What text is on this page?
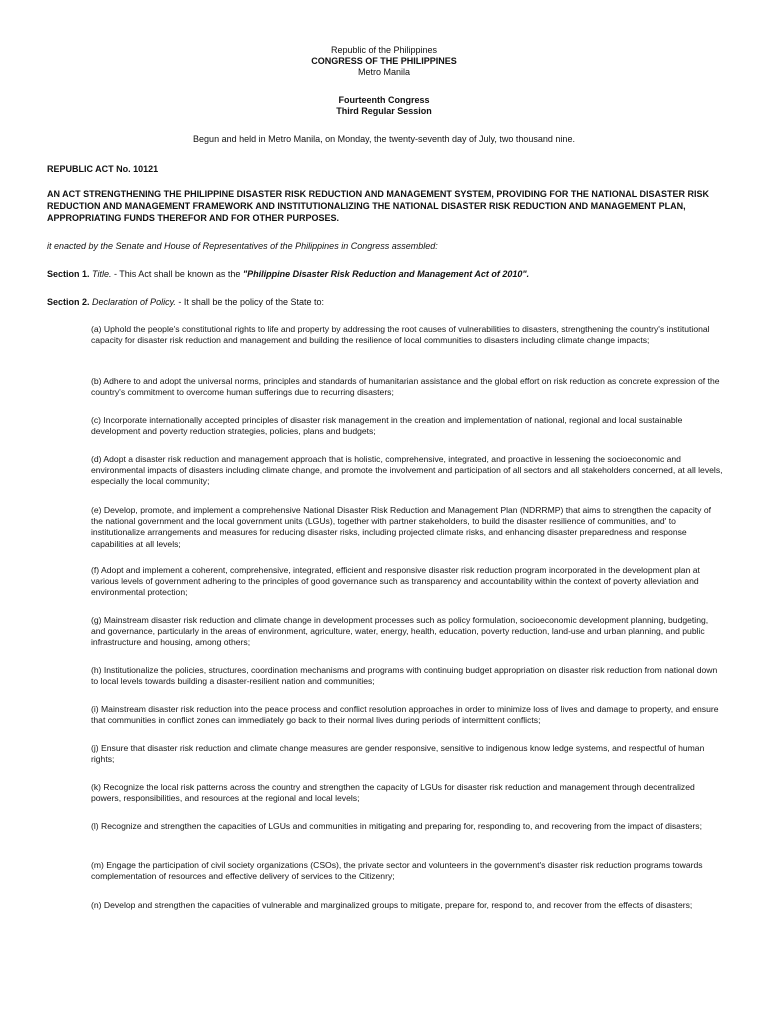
Republic of the Philippines
CONGRESS OF THE PHILIPPINES
Metro Manila
Fourteenth Congress
Third Regular Session
Begun and held in Metro Manila, on Monday, the twenty-seventh day of July, two thousand nine.
REPUBLIC ACT No. 10121
AN ACT STRENGTHENING THE PHILIPPINE DISASTER RISK REDUCTION AND MANAGEMENT SYSTEM, PROVIDING FOR THE NATIONAL DISASTER RISK REDUCTION AND MANAGEMENT FRAMEWORK AND INSTITUTIONALIZING THE NATIONAL DISASTER RISK REDUCTION AND MANAGEMENT PLAN, APPROPRIATING FUNDS THEREFOR AND FOR OTHER PURPOSES.
it enacted by the Senate and House of Representatives of the Philippines in Congress assembled:
Section 1. Title. - This Act shall be known as the "Philippine Disaster Risk Reduction and Management Act of 2010".
Section 2. Declaration of Policy. - It shall be the policy of the State to:
(a) Uphold the people's constitutional rights to life and property by addressing the root causes of vulnerabilities to disasters, strengthening the country's institutional capacity for disaster risk reduction and management and building the resilience of local communities to disasters including climate change impacts;
(b) Adhere to and adopt the universal norms, principles and standards of humanitarian assistance and the global effort on risk reduction as concrete expression of the country's commitment to overcome human sufferings due to recurring disasters;
(c) Incorporate internationally accepted principles of disaster risk management in the creation and implementation of national, regional and local sustainable development and poverty reduction strategies, policies, plans and budgets;
(d) Adopt a disaster risk reduction and management approach that is holistic, comprehensive, integrated, and proactive in lessening the socioeconomic and environmental impacts of disasters including climate change, and promote the involvement and participation of all sectors and all stakeholders concerned, at all levels, especially the local community;
(e) Develop, promote, and implement a comprehensive National Disaster Risk Reduction and Management Plan (NDRRMP) that aims to strengthen the capacity of the national government and the local government units (LGUs), together with partner stakeholders, to build the disaster resilience of communities, and' to institutionalize arrangements and measures for reducing disaster risks, including projected climate risks, and enhancing disaster preparedness and response capabilities at all levels;
(f) Adopt and implement a coherent, comprehensive, integrated, efficient and responsive disaster risk reduction program incorporated in the development plan at various levels of government adhering to the principles of good governance such as transparency and accountability within the context of poverty alleviation and environmental protection;
(g) Mainstream disaster risk reduction and climate change in development processes such as policy formulation, socioeconomic development planning, budgeting, and governance, particularly in the areas of environment, agriculture, water, energy, health, education, poverty reduction, land-use and urban planning, and public infrastructure and housing, among others;
(h) Institutionalize the policies, structures, coordination mechanisms and programs with continuing budget appropriation on disaster risk reduction from national down to local levels towards building a disaster-resilient nation and communities;
(i) Mainstream disaster risk reduction into the peace process and conflict resolution approaches in order to minimize loss of lives and damage to property, and ensure that communities in conflict zones can immediately go back to their normal lives during periods of intermittent conflicts;
(j) Ensure that disaster risk reduction and climate change measures are gender responsive, sensitive to indigenous know ledge systems, and respectful of human rights;
(k) Recognize the local risk patterns across the country and strengthen the capacity of LGUs for disaster risk reduction and management through decentralized powers, responsibilities, and resources at the regional and local levels;
(l) Recognize and strengthen the capacities of LGUs and communities in mitigating and preparing for, responding to, and recovering from the impact of disasters;
(m) Engage the participation of civil society organizations (CSOs), the private sector and volunteers in the government's disaster risk reduction programs towards complementation of resources and effective delivery of services to the Citizenry;
(n) Develop and strengthen the capacities of vulnerable and marginalized groups to mitigate, prepare for, respond to, and recover from the effects of disasters;
